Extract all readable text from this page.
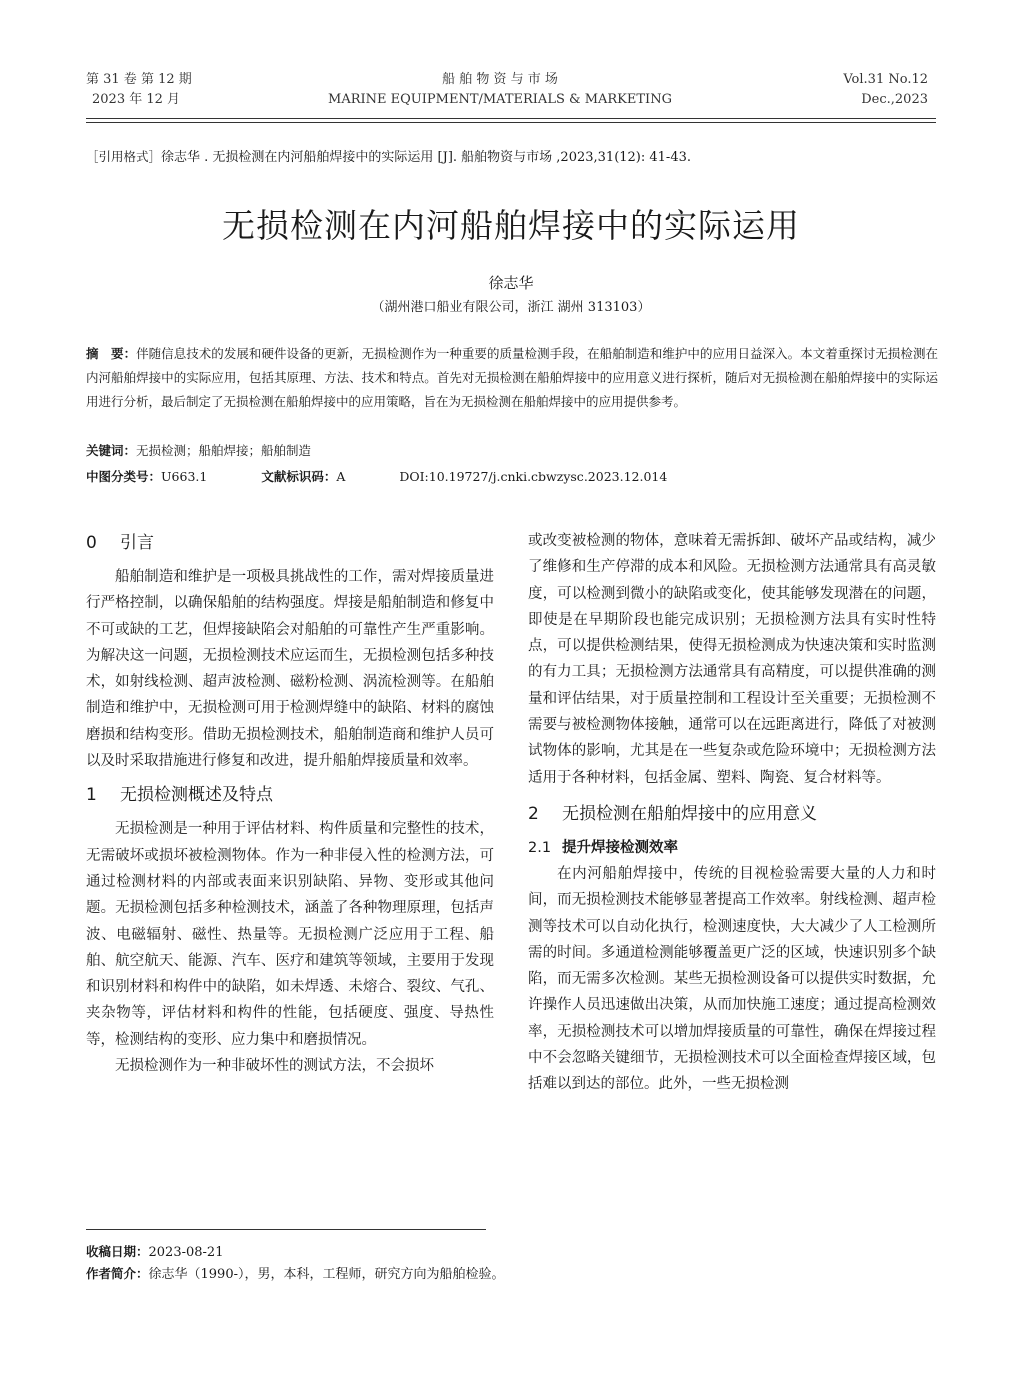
第 31 卷 第 12 期
2023 年 12 月
船 舶 物 资 与 市 场
MARINE EQUIPMENT/MATERIALS & MARKETING
Vol.31 No.12
Dec.,2023
［引用格式］徐志华 . 无损检测在内河船舶焊接中的实际运用 [J]. 船舶物资与市场 ,2023,31(12): 41-43.
无损检测在内河船舶焊接中的实际运用
徐志华
（湖州港口船业有限公司，浙江 湖州 313103）
摘　要：伴随信息技术的发展和硬件设备的更新，无损检测作为一种重要的质量检测手段，在船舶制造和维护中的应用日益深入。本文着重探讨无损检测在内河船舶焊接中的实际应用，包括其原理、方法、技术和特点。首先对无损检测在船舶焊接中的应用意义进行探析，随后对无损检测在船舶焊接中的实际运用进行分析，最后制定了无损检测在船舶焊接中的应用策略，旨在为无损检测在船舶焊接中的应用提供参考。
关键词：无损检测；船舶焊接；船舶制造
中图分类号：U663.1	文献标识码：A	DOI:10.19727/j.cnki.cbwzysc.2023.12.014
0 引言

船舶制造和维护是一项极具挑战性的工作，需对焊接质量进行严格控制，以确保船舶的结构强度。焊接是船舶制造和修复中不可或缺的工艺，但焊接缺陷会对船舶的可靠性产生严重影响。为解决这一问题，无损检测技术应运而生，无损检测包括多种技术，如射线检测、超声波检测、磁粉检测、涡流检测等。在船舶制造和维护中，无损检测可用于检测焊缝中的缺陷、材料的腐蚀磨损和结构变形。借助无损检测技术，船舶制造商和维护人员可以及时采取措施进行修复和改进，提升船舶焊接质量和效率。

1 无损检测概述及特点

无损检测是一种用于评估材料、构件质量和完整性的技术，无需破坏或损坏被检测物体。作为一种非侵入性的检测方法，可通过检测材料的内部或表面来识别缺陷、异物、变形或其他问题。无损检测包括多种检测技术，涵盖了各种物理原理，包括声波、电磁辐射、磁性、热量等。无损检测广泛应用于工程、船舶、航空航天、能源、汽车、医疗和建筑等领域，主要用于发现和识别材料和构件中的缺陷，如未焊透、未熔合、裂纹、气孔、夹杂物等，评估材料和构件的性能，包括硬度、强度、导热性等，检测结构的变形、应力集中和磨损情况。

无损检测作为一种非破坏性的测试方法，不会损坏

或改变被检测的物体，意味着无需拆卸、破坏产品或结构，减少了维修和生产停滞的成本和风险。无损检测方法通常具有高灵敏度，可以检测到微小的缺陷或变化，使其能够发现潜在的问题，即使是在早期阶段也能完成识别；无损检测方法具有实时性特点，可以提供检测结果，使得无损检测成为快速决策和实时监测的有力工具；无损检测方法通常具有高精度，可以提供准确的测量和评估结果，对于质量控制和工程设计至关重要；无损检测不需要与被检测物体接触，通常可以在远距离进行，降低了对被测试物体的影响，尤其是在一些复杂或危险环境中；无损检测方法适用于各种材料，包括金属、塑料、陶瓷、复合材料等。

2 无损检测在船舶焊接中的应用意义
2.1 提升焊接检测效率

在内河船舶焊接中，传统的目视检验需要大量的人力和时间，而无损检测技术能够显著提高工作效率。射线检测、超声检测等技术可以自动化执行，检测速度快，大大减少了人工检测所需的时间。多通道检测能够覆盖更广泛的区域，快速识别多个缺陷，而无需多次检测。某些无损检测设备可以提供实时数据，允许操作人员迅速做出决策，从而加快施工速度；通过提高检测效率，无损检测技术可以增加焊接质量的可靠性，确保在焊接过程中不会忽略关键细节，无损检测技术可以全面检查焊接区域，包括难以到达的部位。此外，一些无损检测

收稿日期：2023-08-21
作者简介：徐志华（1990-），男，本科，工程师，研究方向为船舶检验。
